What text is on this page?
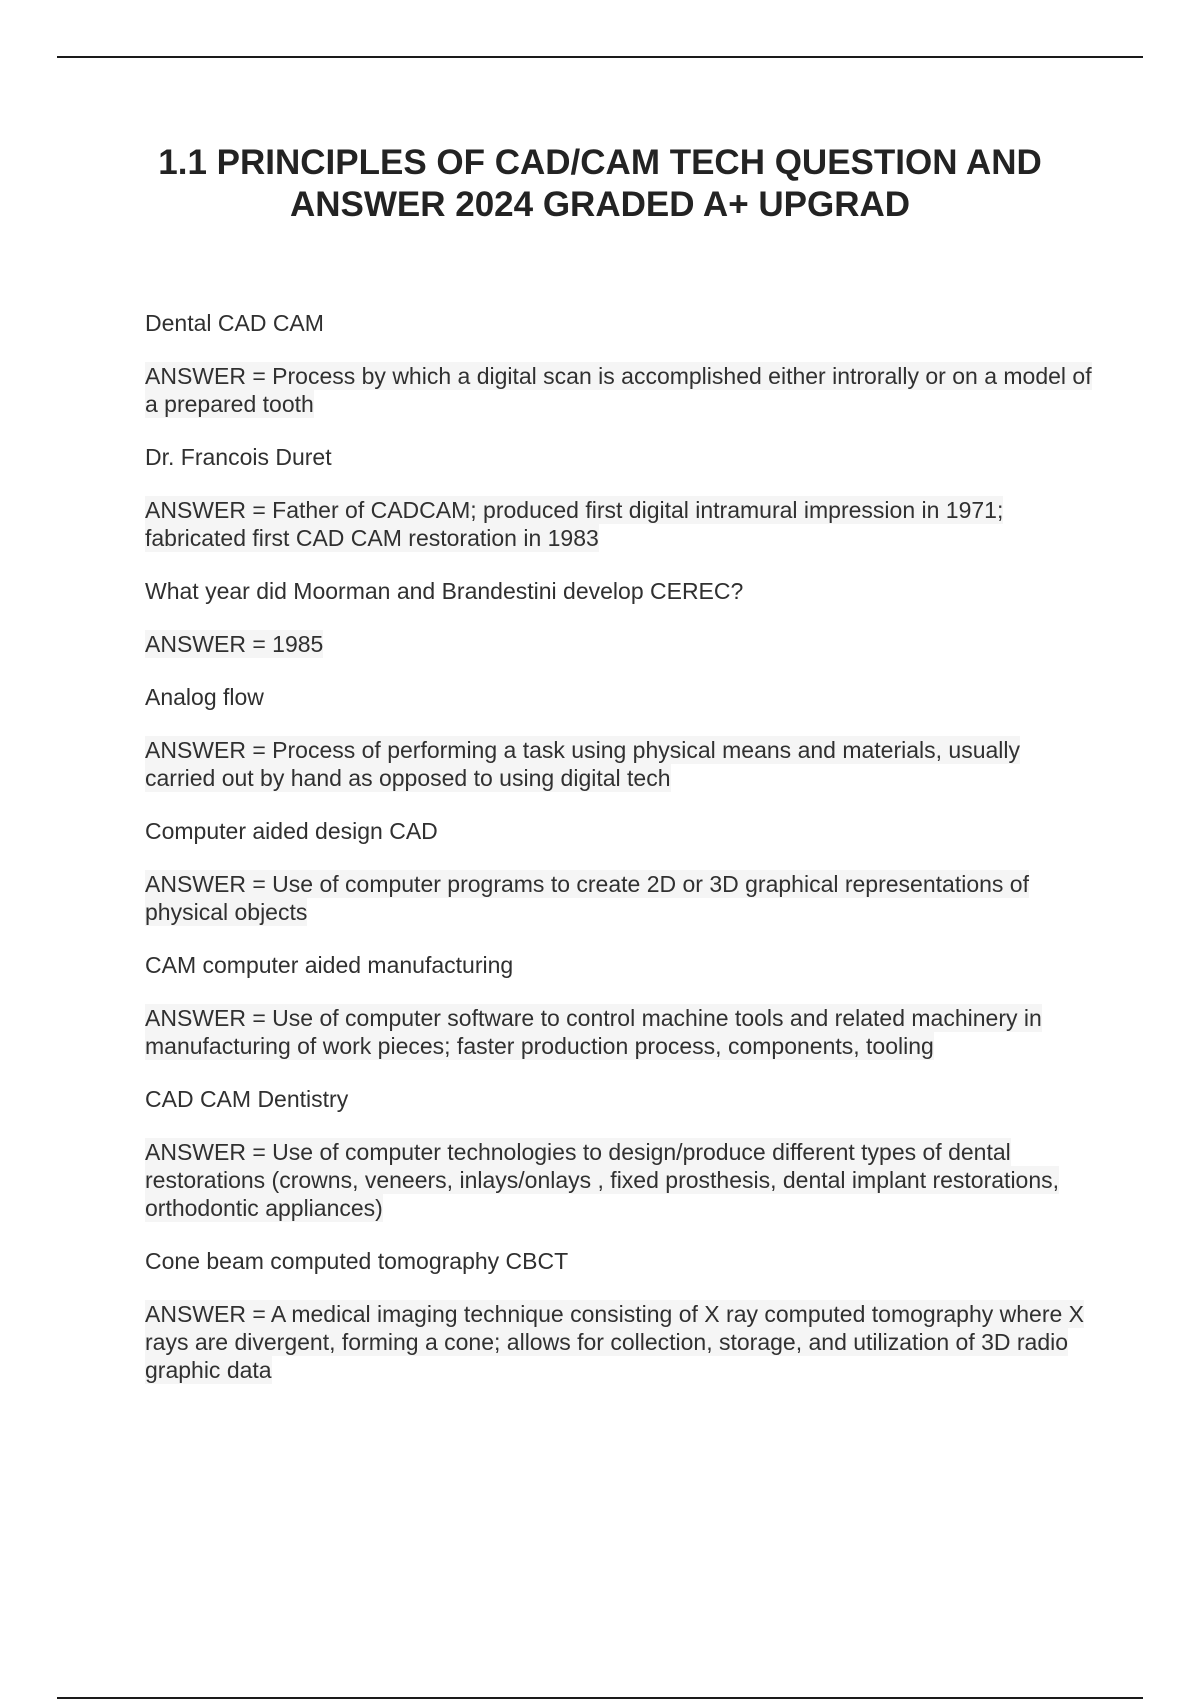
1.1 PRINCIPLES OF CAD/CAM TECH QUESTION AND ANSWER 2024 GRADED A+ UPGRAD

Dental CAD CAM

ANSWER = Process by which a digital scan is accomplished either introrally or on a model of a prepared tooth

Dr. Francois Duret

ANSWER = Father of CADCAM; produced first digital intramural impression in 1971; fabricated first CAD CAM restoration in 1983

What year did Moorman and Brandestini develop CEREC?

ANSWER = 1985

Analog flow

ANSWER = Process of performing a task using physical means and materials, usually carried out by hand as opposed to using digital tech

Computer aided design CAD

ANSWER = Use of computer programs to create 2D or 3D graphical representations of physical objects

CAM computer aided manufacturing

ANSWER = Use of computer software to control machine tools and related machinery in manufacturing of work pieces; faster production process, components, tooling

CAD CAM Dentistry

ANSWER = Use of computer technologies to design/produce different types of dental restorations (crowns, veneers, inlays/onlays , fixed prosthesis, dental implant restorations, orthodontic appliances)

Cone beam computed tomography CBCT

ANSWER = A medical imaging technique consisting of X ray computed tomography where X rays are divergent, forming a cone; allows for collection, storage, and utilization of 3D radio graphic data
